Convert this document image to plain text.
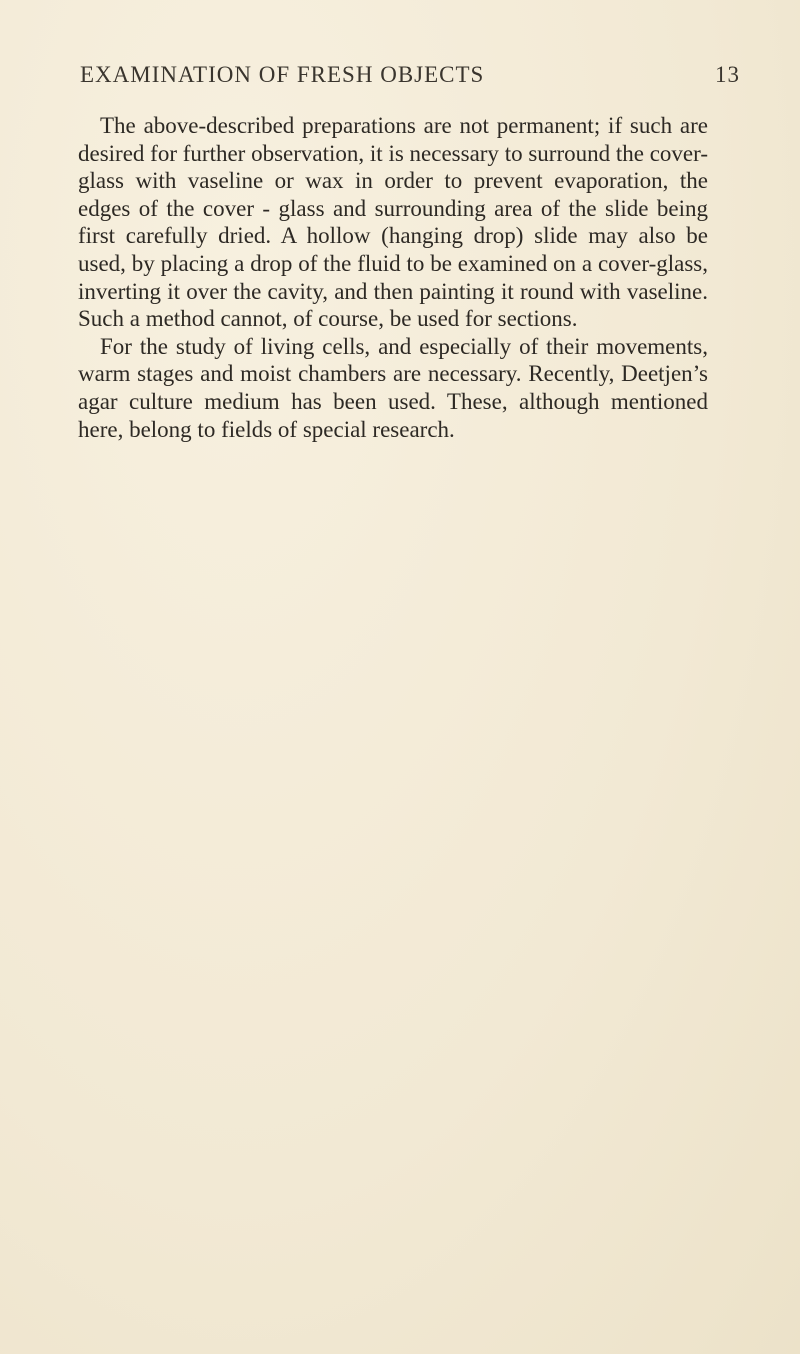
EXAMINATION OF FRESH OBJECTS	13

The above-described preparations are not permanent; if such are desired for further observation, it is necessary to surround the cover-glass with vaseline or wax in order to prevent evaporation, the edges of the cover - glass and surrounding area of the slide being first carefully dried. A hollow (hanging drop) slide may also be used, by placing a drop of the fluid to be examined on a cover-glass, inverting it over the cavity, and then painting it round with vaseline. Such a method cannot, of course, be used for sections.

For the study of living cells, and especially of their movements, warm stages and moist chambers are necessary. Recently, Deetjen’s agar culture medium has been used. These, although mentioned here, belong to fields of special research.
